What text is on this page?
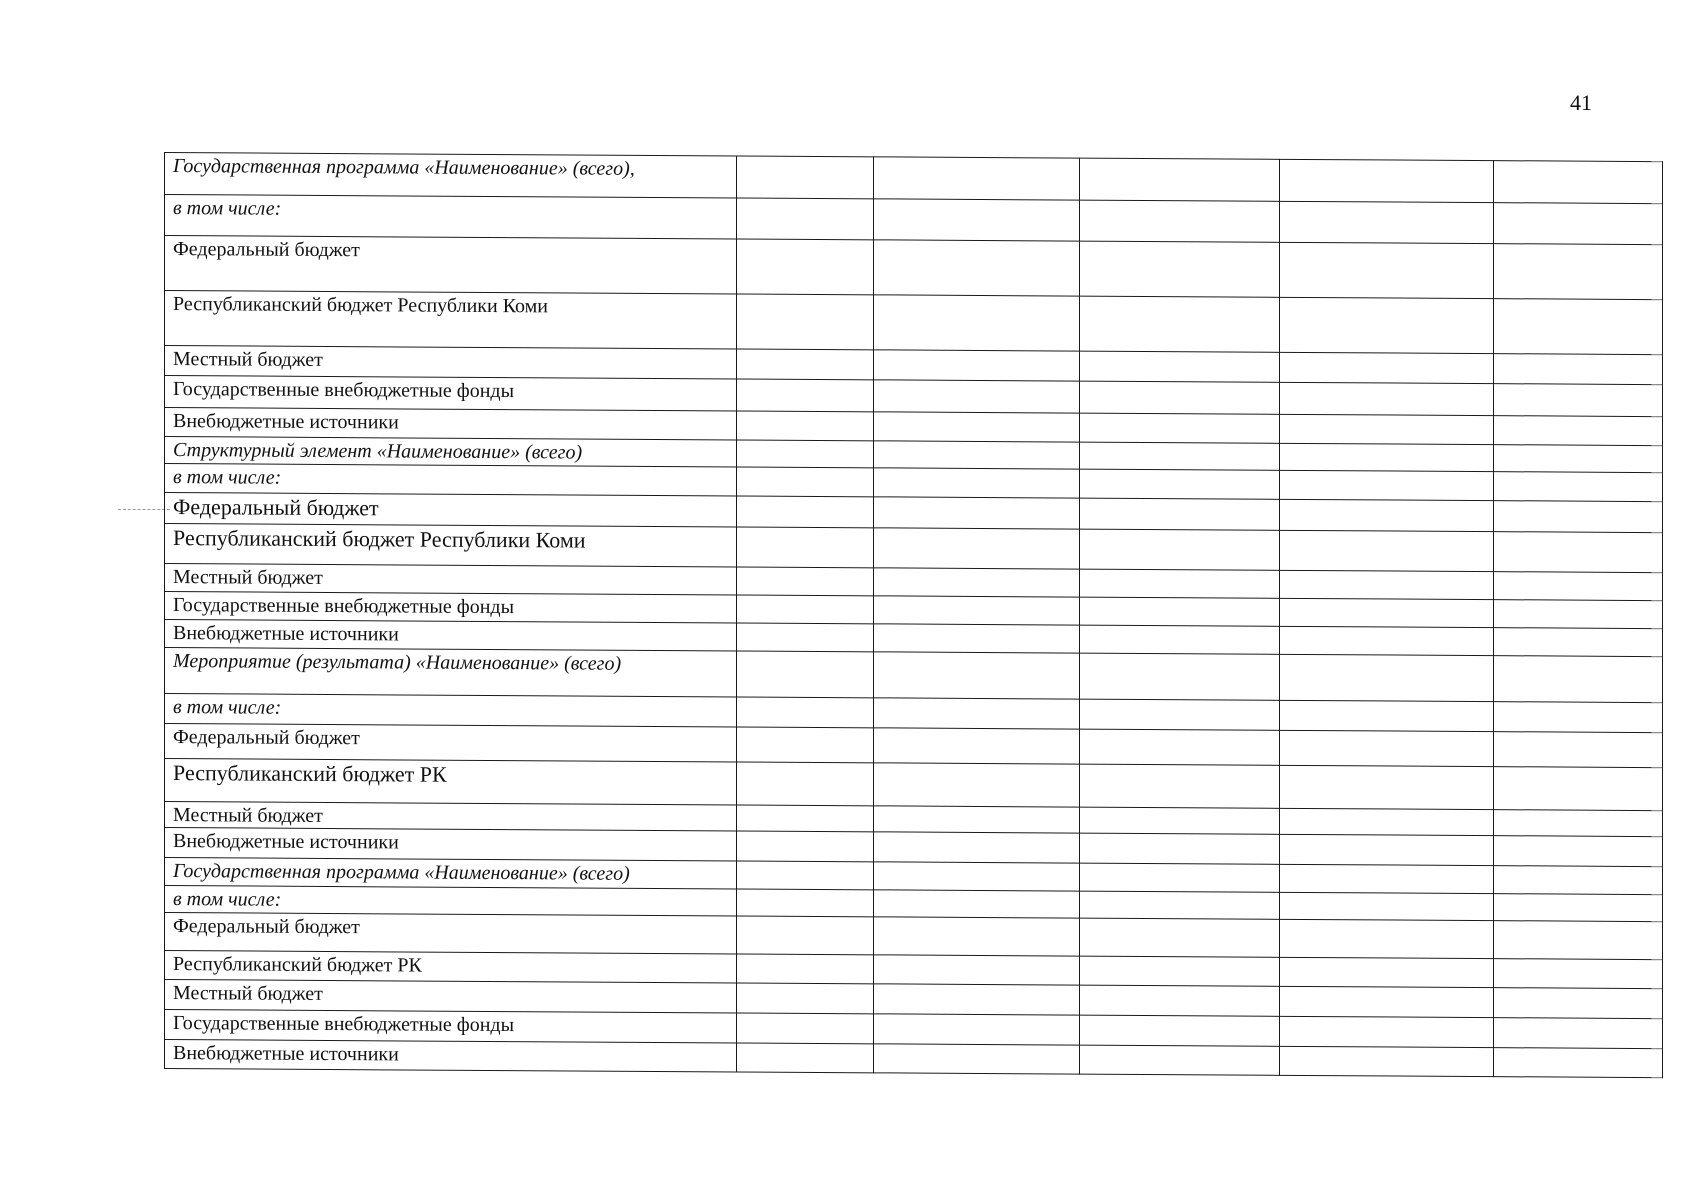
41
Государственная программа «Наименование» (всего),					
в том числе:					
Федеральный бюджет					
Республиканский бюджет Республики Коми					
Местный бюджет					
Государственные внебюджетные фонды					
Внебюджетные источники					
Структурный элемент «Наименование» (всего)					
в том числе:					
Федеральный бюджет					
Республиканский бюджет Республики Коми					
Местный бюджет					
Государственные внебюджетные фонды					
Внебюджетные источники					
Мероприятие (результата) «Наименование» (всего)					
в том числе:					
Федеральный бюджет					
Республиканский бюджет РК					
Местный бюджет					
Внебюджетные источники					
Государственная программа «Наименование» (всего)					
в том числе:					
Федеральный бюджет					
Республиканский бюджет РК					
Местный бюджет					
Государственные внебюджетные фонды					
Внебюджетные источники					
